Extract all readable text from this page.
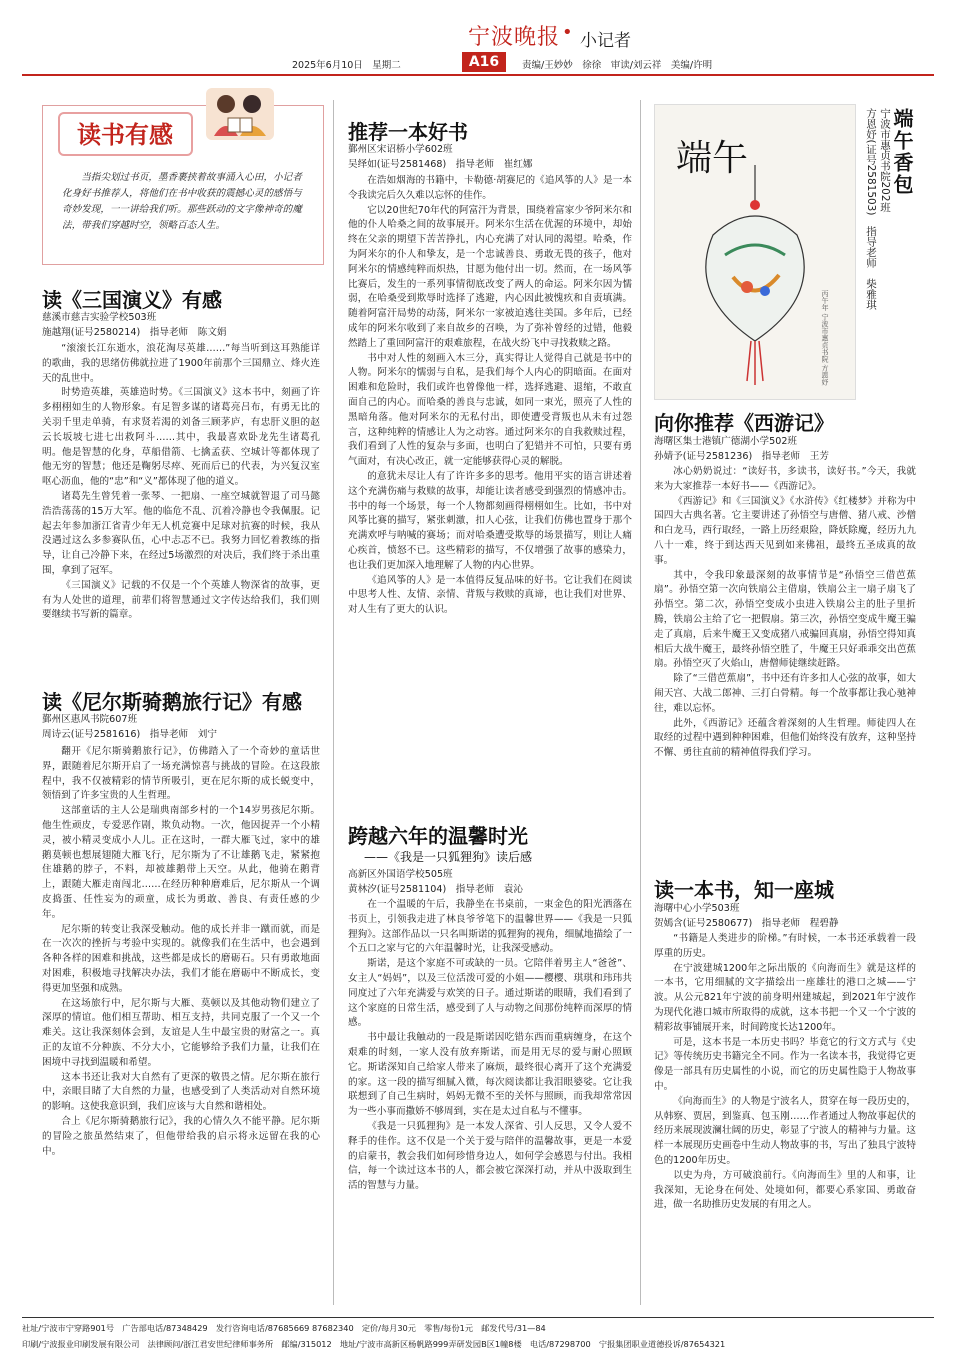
宁波晚报 • 小记者
2025年6月10日　星期二	A16	责编/王妙妙　徐徐　审读/刘云祥　美编/许明
读书有感
当指尖划过书页，墨香裹挟着故事涌入心田，小记者化身好书推荐人，将他们在书中收获的震撼心灵的感悟与奇妙发现，一一讲给我们听。那些跃动的文字像神奇的魔法，带我们穿越时空，领略百态人生。
读《三国演义》有感
慈溪市慈吉实验学校503班
施越翔(证号2580214)　指导老师　陈文娟

“滚滚长江东逝水，浪花淘尽英雄……”每当听到这耳熟能详的歌曲，我的思绪仿佛就拉进了1900年前那个三国鼎立、烽火连天的乱世中。

时势造英雄，英雄造时势。《三国演义》这本书中，刻画了许多栩栩如生的人物形象。有足智多谋的诸葛亮吕布，有勇无比的关羽千里走单骑，有求贤若渴的刘备三顾茅庐，有忠肝义胆的赵云长坂坡七进七出救阿斗……其中，我最喜欢卧龙先生诸葛孔明。他是智慧的化身，草船借箭、七擒孟获、空城计等都体现了他无穷的智慧；他还是鞠躬尽瘁、死而后已的代表，为兴复汉室呕心沥血，他的“忠”和“义”都体现了他的道义。

诸葛先生曾凭着一张琴、一把扇、一座空城就智退了司马懿浩浩荡荡的15万大军。他的临危不乱、沉着冷静也令我佩服。记起去年参加浙江省青少年无人机竞赛中足球对抗赛的时候，我从没遇过这么多参赛队伍，心中忐忑不已。我努力回忆着教练的指导，让自己冷静下来，在经过5场激烈的对决后，我们终于杀出重围，拿到了冠军。

《三国演义》记载的不仅是一个个英雄人物深省的故事，更有为人处世的道理，前辈们将智慧通过文字传达给我们，我们则要继续书写新的篇章。

读《尼尔斯骑鹅旅行记》有感
鄞州区惠风书院607班
周诗云(证号2581616)　指导老师　刘宁

翻开《尼尔斯骑鹅旅行记》，仿佛踏入了一个奇妙的童话世界，跟随着尼尔斯开启了一场充满惊喜与挑战的冒险。在这段旅程中，我不仅被精彩的情节所吸引，更在尼尔斯的成长蜕变中，领悟到了许多宝贵的人生哲理。

这部童话的主人公是瑞典南部乡村的一个14岁男孩尼尔斯。他生性顽皮，专爱恶作剧，欺负动物。一次，他因捉弄一个小精灵，被小精灵变成小人儿。正在这时，一群大雁飞过，家中的雄鹅莫顿也想展翅随大雁飞行，尼尔斯为了不让雄鹅飞走，紧紧抱住雄鹅的脖子，不料，却被雄鹅带上天空。从此，他骑在鹅背上，跟随大雁走南闯北……在经历种种磨难后，尼尔斯从一个调皮捣蛋、任性妄为的顽童，成长为勇敢、善良、有责任感的少年。

尼尔斯的转变让我深受触动。他的成长并非一蹴而就，而是在一次次的挫折与考验中实现的。就像我们在生活中，也会遇到各种各样的困难和挑战，这些都是成长的磨砺石。只有勇敢地面对困难，积极地寻找解决办法，我们才能在磨砺中不断成长，变得更加坚强和成熟。

在这场旅行中，尼尔斯与大雁、莫顿以及其他动物们建立了深厚的情谊。他们相互帮助、相互支持，共同克服了一个又一个难关。这让我深刻体会到，友谊是人生中最宝贵的财富之一。真正的友谊不分种族、不分大小，它能够给予我们力量，让我们在困境中寻找到温暖和希望。

这本书还让我对大自然有了更深的敬畏之情。尼尔斯在旅行中，亲眼目睹了大自然的力量，也感受到了人类活动对自然环境的影响。这使我意识到，我们应该与大自然和谐相处。

合上《尼尔斯骑鹅旅行记》，我的心情久久不能平静。尼尔斯的冒险之旅虽然结束了，但他带给我的启示将永远留在我的心中。

推荐一本好书
鄞州区宋诏桥小学602班
吴绎如(证号2581468)　指导老师　崔红娜

在浩如烟海的书籍中，卡勒德·胡赛尼的《追风筝的人》是一本令我读完后久久难以忘怀的佳作。

它以20世纪70年代的阿富汗为背景，围绕着富家少爷阿米尔和他的仆人哈桑之间的故事展开。阿米尔生活在优渥的环境中，却始终在父亲的期望下苦苦挣扎，内心充满了对认同的渴望。哈桑，作为阿米尔的仆人和挚友，是一个忠诚善良、勇敢无畏的孩子，他对阿米尔的情感纯粹而炽热，甘愿为他付出一切。然而，在一场风筝比赛后，发生的一系列事情彻底改变了两人的命运。阿米尔因为懦弱，在哈桑受到欺辱时选择了逃避，内心因此被愧疚和自责填满。随着阿富汗局势的动荡，阿米尔一家被迫逃往美国。多年后，已经成年的阿米尔收到了来自故乡的召唤，为了弥补曾经的过错，他毅然踏上了重回阿富汗的艰难旅程，在战火纷飞中寻找救赎之路。

书中对人性的刻画入木三分，真实得让人觉得自己就是书中的人物。阿米尔的懦弱与自私，是我们每个人内心的阴暗面。在面对困难和危险时，我们或许也曾像他一样，选择逃避、退缩，不敢直面自己的内心。而哈桑的善良与忠诚，如同一束光，照亮了人性的黑暗角落。他对阿米尔的无私付出，即使遭受背叛也从未有过怨言，这种纯粹的情感让人为之动容。通过阿米尔的自我救赎过程，我们看到了人性的复杂与多面，也明白了犯错并不可怕，只要有勇气面对，有决心改正，就一定能够获得心灵的解脱。

的意犹未尽让人有了许许多多的思考。他用平实的语言讲述着这个充满伤痛与救赎的故事，却能让读者感受到强烈的情感冲击。书中的每一个场景，每一个人物都刻画得栩栩如生。比如，书中对风筝比赛的描写，紧张刺激，扣人心弦，让我们仿佛也置身于那个充满欢呼与呐喊的赛场；而对哈桑遭受欺辱的场景描写，则让人痛心疾首，愤怒不已。这些精彩的描写，不仅增强了故事的感染力，也让我们更加深入地理解了人物的内心世界。

《追风筝的人》是一本值得反复品味的好书。它让我们在阅读中思考人性、友情、亲情、背叛与救赎的真谛，也让我们对世界、对人生有了更大的认识。

跨越六年的温馨时光
——《我是一只狐狸狗》读后感
高新区外国语学校505班
黄林汐(证号2581104)　指导老师　袁沁

在一个温暖的午后，我静坐在书桌前，一束金色的阳光洒落在书页上，引领我走进了林良爷爷笔下的温馨世界——《我是一只狐狸狗》。这部作品以一只名叫斯诺的狐狸狗的视角，细腻地描绘了一个五口之家与它的六年温馨时光，让我深受感动。

斯诺，是这个家庭不可或缺的一员。它陪伴着男主人“爸爸”、女主人“妈妈”，以及三位活泼可爱的小姐——樱樱、琪琪和玮玮共同度过了六年充满爱与欢笑的日子。通过斯诺的眼睛，我们看到了这个家庭的日常生活，感受到了人与动物之间那份纯粹而深厚的情感。

书中最让我触动的一段是斯诺因吃错东西而重病缠身，在这个艰难的时刻，一家人没有放弃斯诺，而是用无尽的爱与耐心照顾它。斯诺深知自己给家人带来了麻烦，最终很心离开了这个充满爱的家。这一段的描写细腻入微，每次阅读都让我泪眼婆娑。它让我联想到了自己生病时，妈妈无微不至的关怀与照顾，而我却常常因为一些小事而撒娇不够周到，实在是太过自私与不懂事。

《我是一只狐狸狗》是一本发人深省、引人反思，又令人爱不释手的佳作。这不仅是一个关于爱与陪伴的温馨故事，更是一本爱的启蒙书，教会我们如何珍惜身边人，如何学会感恩与付出。我相信，每一个读过这本书的人，都会被它深深打动，并从中汲取到生活的智慧与力量。

端午
丙午年 宁波市惠贞书院 方恩妤
端午香包
宁波市惠贞书院202班
方恩妤(证号2581503)　指导老师　柴雅琪
向你推荐《西游记》
海曙区集士港镇广德湖小学502班
孙婧予(证号2581236)　指导老师　王芳

冰心奶奶说过：“读好书，多读书，读好书。”今天，我就来为大家推荐一本好书——《西游记》。

《西游记》和《三国演义》《水浒传》《红楼梦》并称为中国四大古典名著。它主要讲述了孙悟空与唐僧、猪八戒、沙僧和白龙马，西行取经，一路上历经艰险，降妖除魔，经历九九八十一难，终于到达西天见到如来佛祖，最终五圣成真的故事。

其中，令我印象最深刻的故事情节是“孙悟空三借芭蕉扇”。孙悟空第一次向铁扇公主借扇，铁扇公主一扇子扇飞了孙悟空。第二次，孙悟空变成小虫进入铁扇公主的肚子里折腾，铁扇公主给了它一把假扇。第三次，孙悟空变成牛魔王骗走了真扇，后来牛魔王又变成猪八戒骗回真扇，孙悟空得知真相后大战牛魔王，最终孙悟空胜了，牛魔王只好乖乖交出芭蕉扇。孙悟空灭了火焰山，唐僧师徒继续赶路。

除了“三借芭蕉扇”，书中还有许多扣人心弦的故事，如大闹天宫、大战二郎神、三打白骨精。每一个故事都让我心驰神往，难以忘怀。

此外，《西游记》还蕴含着深刻的人生哲理。师徒四人在取经的过程中遇到种种困难，但他们始终没有放弃，这种坚持不懈、勇往直前的精神值得我们学习。

读一本书，知一座城
海曙中心小学503班
贺嫣含(证号2580677)　指导老师　程碧静

“书籍是人类进步的阶梯。”有时候，一本书还承载着一段厚重的历史。

在宁波建城1200年之际出版的《向海而生》就是这样的一本书，它用细腻的文字描绘出一座雄壮的港口之城——宁波。从公元821年宁波的前身明州建城起，到2021年宁波作为现代化港口城市所取得的成就，这本书把一个又一个宁波的精彩故事铺展开来，时间跨度长达1200年。

可是，这本书是一本历史书吗？毕竟它的行文方式与《史记》等传统历史书籍完全不同。作为一名读本书，我觉得它更像是一部具有历史属性的小说，而它的历史属性隐于人物故事中。

《向海而生》的人物是宁波名人，贯穿在每一段历史的，从韩察、贾居，到鉴真、包玉刚……作者通过人物故事起伏的经历来展现波澜壮阔的历史，彰显了宁波人的精神与力量。这样一本展现历史画卷中生动人物故事的书，写出了独具宁波特色的1200年历史。

以史为舟，方可破浪前行。《向海而生》里的人和事，让我深知，无论身在何处、处境如何，都要心系家国、勇敢奋进，做一名助推历史发展的有用之人。

社址/宁波市宁穿路901号　广告部电话/87348429　发行咨询电话/87685669 87682340　定价/每月30元　零售/每份1元　邮发代号/31—84
印刷/宁波报业印刷发展有限公司　法律顾问/浙江君安世纪律师事务所　邮编/315012　地址/宁波市高新区杨帆路999弄研发园B区1幢8楼　电话/87298700　宁报集团职业道德投诉/87654321
